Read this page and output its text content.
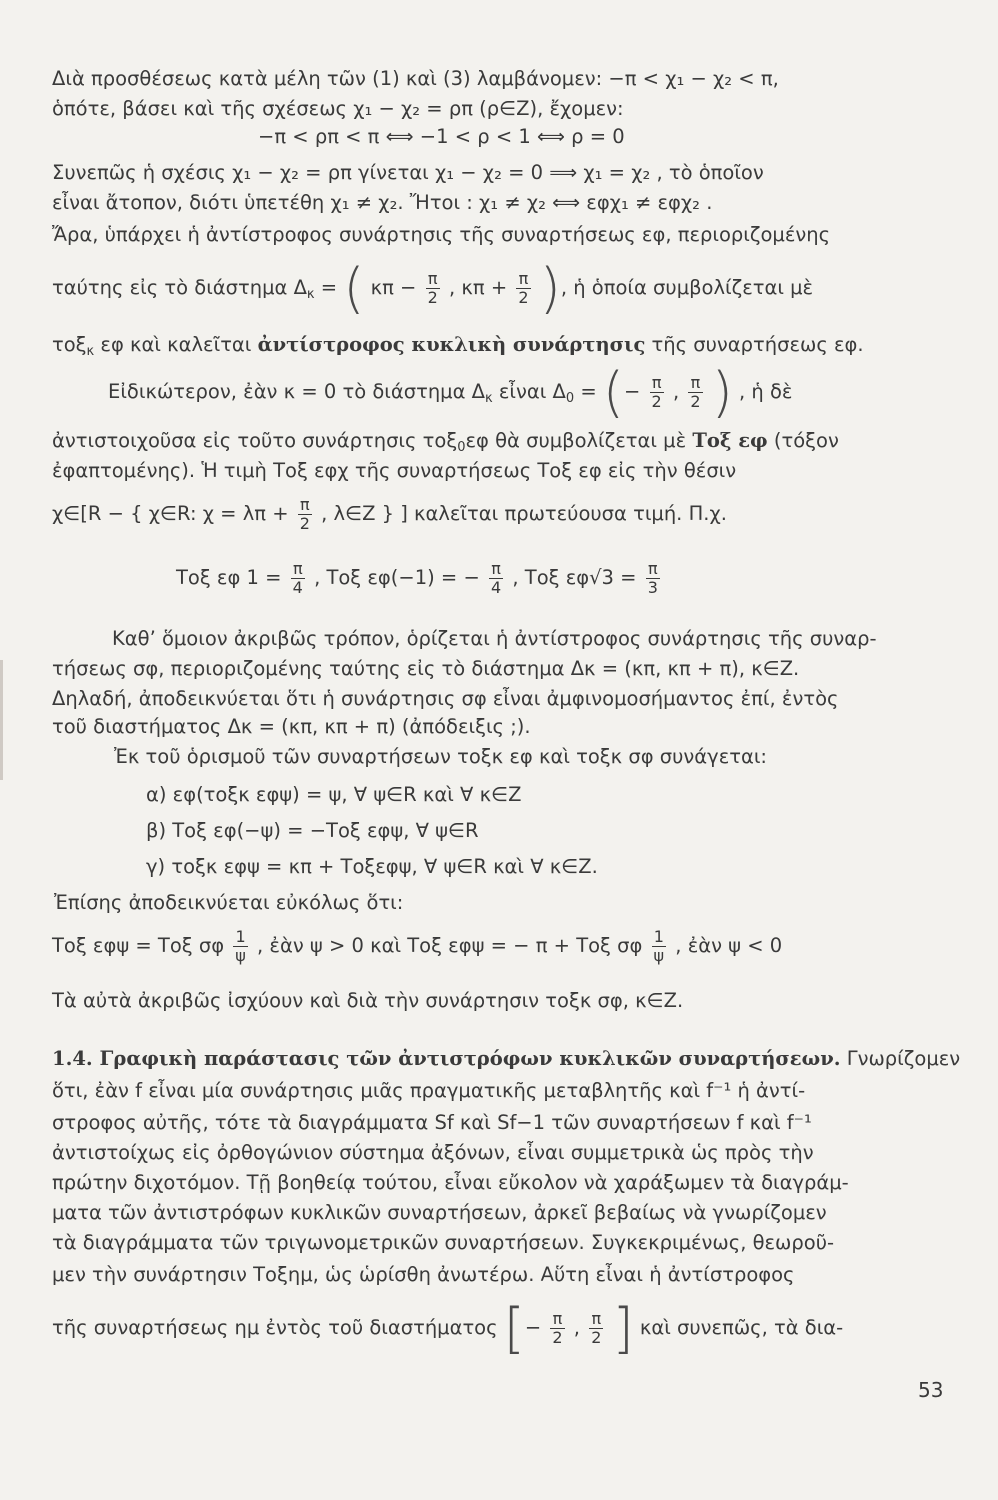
Διὰ προσθέσεως κατὰ μέλη τῶν (1) καὶ (3) λαμβάνομεν: −π < χ₁ − χ₂ < π,
ὁπότε, βάσει καὶ τῆς σχέσεως χ₁ − χ₂ = ρπ (ρ∈Z), ἔχομεν:
−π < ρπ < π ⟺ −1 < ρ < 1 ⟺ ρ = 0
Συνεπῶς ἡ σχέσις χ₁ − χ₂ = ρπ γίνεται χ₁ − χ₂ = 0 ⟹ χ₁ = χ₂ , τὸ ὁποῖον
εἶναι ἄτοπον, διότι ὑπετέθη χ₁ ≠ χ₂. Ἤτοι : χ₁ ≠ χ₂ ⟺ εφχ₁ ≠ εφχ₂ .
Ἄρα, ὑπάρχει ἡ ἀντίστροφος συνάρτησις τῆς συναρτήσεως εφ, περιοριζομένης
ταύτης εἰς τὸ διάστημα $\Delta_\kappa$ = ( $\kappa\pi - \frac{\pi}{2}$ , $\kappa\pi + \frac{\pi}{2}$ ), ἡ ὁποία συμβολίζεται μὲ
τοξ$_\kappa$ εφ καὶ καλεῖται ἀντίστροφος κυκλικὴ συνάρτησις τῆς συναρτήσεως εφ.
Εἰδικώτερον, ἐὰν κ = 0 τὸ διάστημα $\Delta_\kappa$ εἶναι $\Delta_0$ = (− $\frac{\pi}{2}$ , $\frac{\pi}{2}$ ) , ἡ δὲ
ἀντιστοιχοῦσα εἰς τοῦτο συνάρτησις τοξ$_0$εφ θὰ συμβολίζεται μὲ Τοξ εφ (τόξον
ἐφαπτομένης). Ἡ τιμὴ Τοξ εφχ τῆς συναρτήσεως Τοξ εφ εἰς τὴν θέσιν
χ∈[R − { χ∈R: $\chi = \lambda\pi + \frac{\pi}{2}$ , λ∈Z } ] καλεῖται πρωτεύουσα τιμή. Π.χ.
Τοξ εφ $1 = \frac{\pi}{4}$ , Τοξ εφ(−1) = − $\frac{\pi}{4}$ , Τοξ $\varepsilon\varphi√3 = \frac{\pi}{3}$
Καθ’ ὅμοιον ἀκριβῶς τρόπον, ὁρίζεται ἡ ἀντίστροφος συνάρτησις τῆς συναρ-
τήσεως σφ, περιοριζομένης ταύτης εἰς τὸ διάστημα Δκ = (κπ, κπ + π), κ∈Z.
Δηλαδή, ἀποδεικνύεται ὅτι ἡ συνάρτησις σφ εἶναι ἀμφινομοσήμαντος ἐπί, ἐντὸς
τοῦ διαστήματος Δκ = (κπ, κπ + π) (ἀπόδειξις ;).
Ἐκ τοῦ ὁρισμοῦ τῶν συναρτήσεων τοξκ εφ καὶ τοξκ σφ συνάγεται:
α) εφ(τοξκ εφψ) = ψ, ∀ ψ∈R καὶ ∀ κ∈Z
β) Τοξ εφ(−ψ) = −Τοξ εφψ, ∀ ψ∈R
γ) τοξκ εφψ = κπ + Τοξεφψ, ∀ ψ∈R καὶ ∀ κ∈Z.
Ἐπίσης ἀποδεικνύεται εὐκόλως ὅτι:
Τοξ εφψ = Τοξ σφ $\frac{1}{\psi}$ , ἐὰν ψ > 0 καὶ Τοξ εφψ = − π + Τοξ σφ $\frac{1}{\psi}$ , ἐὰν ψ < 0
Τὰ αὐτὰ ἀκριβῶς ἰσχύουν καὶ διὰ τὴν συνάρτησιν τοξκ σφ, κ∈Z.
1.4. Γραφικὴ παράστασις τῶν ἀντιστρόφων κυκλικῶν συναρτήσεων. Γνωρίζομεν
ὅτι, ἐὰν f εἶναι μία συνάρτησις μιᾶς πραγματικῆς μεταβλητῆς καὶ f⁻¹ ἡ ἀντί-
στροφος αὐτῆς, τότε τὰ διαγράμματα Sf καὶ Sf−1 τῶν συναρτήσεων f καὶ f⁻¹
ἀντιστοίχως εἰς ὀρθογώνιον σύστημα ἀξόνων, εἶναι συμμετρικὰ ὡς πρὸς τὴν
πρώτην διχοτόμον. Τῇ βοηθείᾳ τούτου, εἶναι εὔκολον νὰ χαράξωμεν τὰ διαγράμ-
ματα τῶν ἀντιστρόφων κυκλικῶν συναρτήσεων, ἀρκεῖ βεβαίως νὰ γνωρίζομεν
τὰ διαγράμματα τῶν τριγωνομετρικῶν συναρτήσεων. Συγκεκριμένως, θεωροῦ-
μεν τὴν συνάρτησιν Τοξημ, ὡς ὡρίσθη ἀνωτέρω. Αὕτη εἶναι ἡ ἀντίστροφος
τῆς συναρτήσεως ημ ἐντὸς τοῦ διαστήματος [− $\frac{\pi}{2}$ , $\frac{\pi}{2}$ ] καὶ συνεπῶς, τὰ δια-
53
